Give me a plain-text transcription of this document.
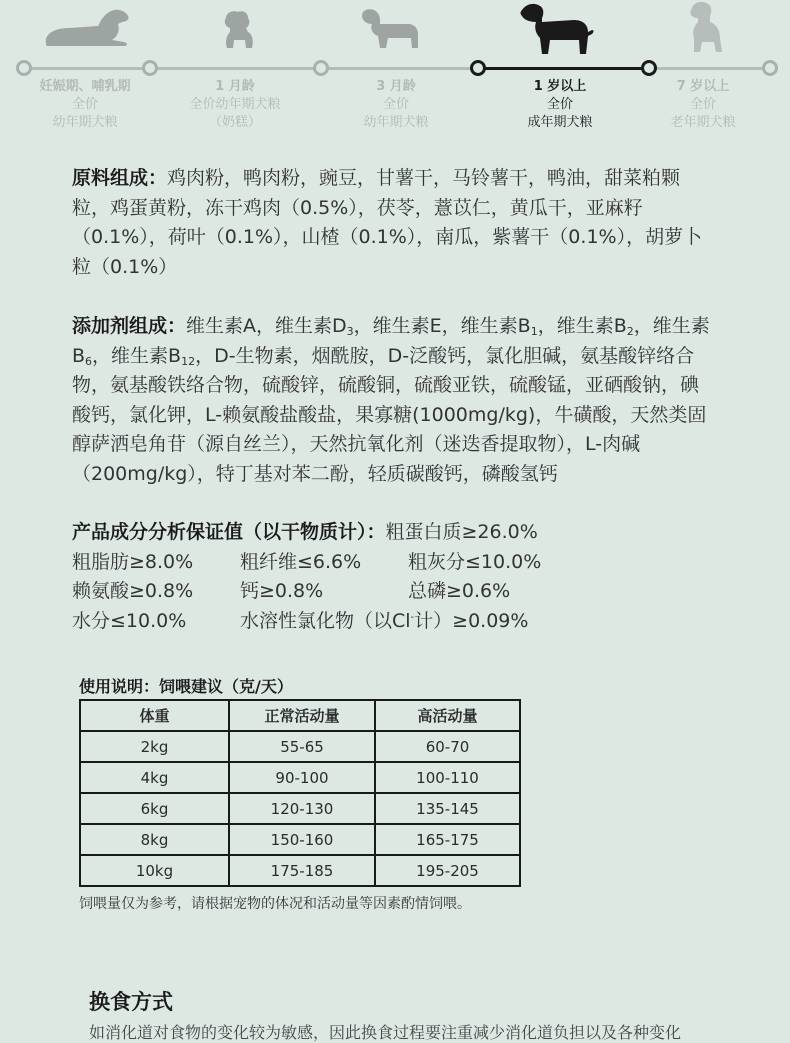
妊娠期、哺乳期
全价
幼年期犬粮
1 月龄
全价幼年期犬粮
（奶糕）
3 月龄
全价
幼年期犬粮
1 岁以上
全价
成年期犬粮
7 岁以上
全价
老年期犬粮
原料组成：鸡肉粉，鸭肉粉，豌豆，甘薯干，马铃薯干，鸭油，甜菜粕颗粒，鸡蛋黄粉，冻干鸡肉（0.5%），茯苓，薏苡仁，黄瓜干，亚麻籽（0.1%），荷叶（0.1%），山楂（0.1%），南瓜，紫薯干（0.1%），胡萝卜粒（0.1%）
添加剂组成：维生素A，维生素$D_3$，维生素E，维生素$B_1$，维生素$B_2$，维生素$B_6$，维生素$B_{12}$，D-生物素，烟酰胺，D-泛酸钙，氯化胆碱，氨基酸锌络合物，氨基酸铁络合物，硫酸锌，硫酸铜，硫酸亚铁，硫酸锰，亚硒酸钠，碘酸钙，氯化钾，L-赖氨酸盐酸盐，果寡糖(1000mg/kg)，牛磺酸，天然类固醇萨洒皂角苷（源自丝兰），天然抗氧化剂（迷迭香提取物），L-肉碱（200mg/kg），特丁基对苯二酚，轻质碳酸钙，磷酸氢钙
产品成分分析保证值（以干物质计）：粗蛋白质≥26.0%
粗脂肪≥8.0% 粗纤维≤6.6% 粗灰分≤10.0%
赖氨酸≥0.8% 钙≥0.8%	总磷≥0.6%
水分≤10.0%	水溶性氯化物（以Cl-计）≥0.09%
使用说明：饲喂建议（克/天）
体重	正常活动量	高活动量
2kg	55-65	60-70
4kg	90-100	100-110
6kg	120-130	135-145
8kg	150-160	165-175
10kg	175-185	195-205
饲喂量仅为参考，请根据宠物的体况和活动量等因素酌情饲喂。
换食方式
如消化道对食物的变化较为敏感，因此换食过程要注重减少消化道负担以及各种变化
